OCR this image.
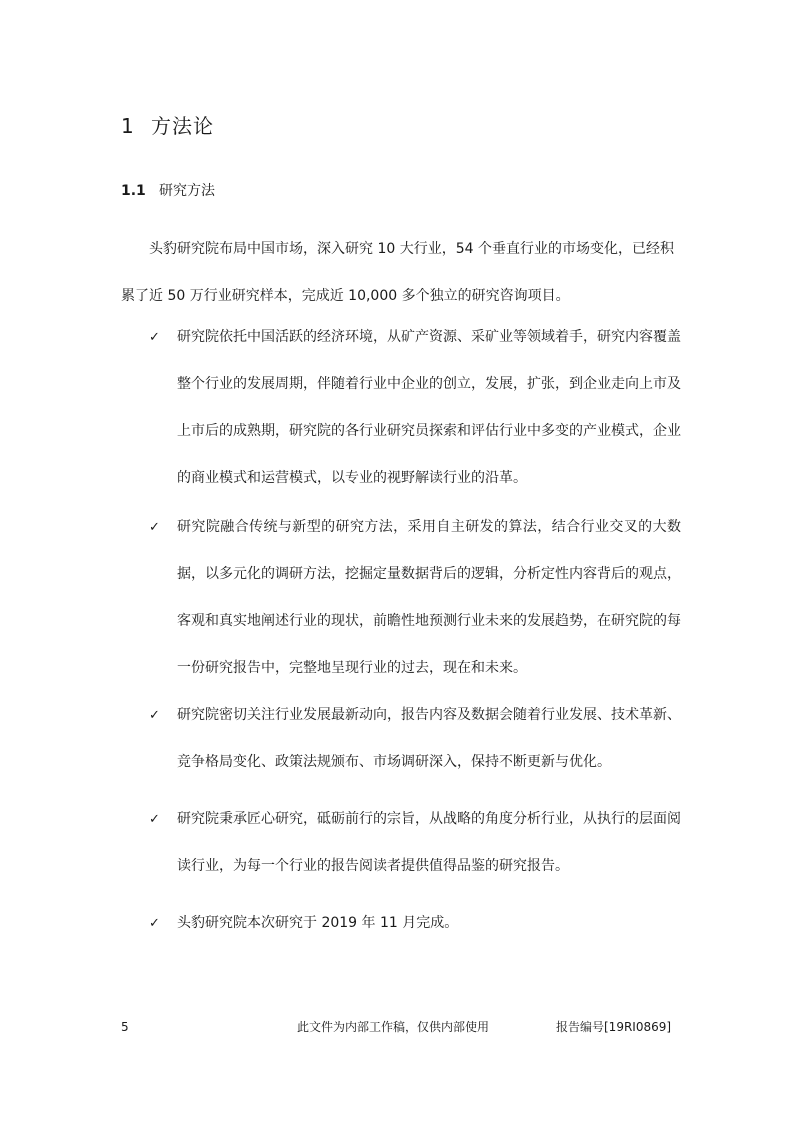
1 方法论
1.1 研究方法
头豹研究院布局中国市场，深入研究 10 大行业，54 个垂直行业的市场变化，已经积
累了近 50 万行业研究样本，完成近 10,000 多个独立的研究咨询项目。
✓	研究院依托中国活跃的经济环境，从矿产资源、采矿业等领域着手，研究内容覆盖整个行业的发展周期，伴随着行业中企业的创立，发展，扩张，到企业走向上市及上市后的成熟期，研究院的各行业研究员探索和评估行业中多变的产业模式，企业的商业模式和运营模式，以专业的视野解读行业的沿革。
✓	研究院融合传统与新型的研究方法，采用自主研发的算法，结合行业交叉的大数据，以多元化的调研方法，挖掘定量数据背后的逻辑，分析定性内容背后的观点，客观和真实地阐述行业的现状，前瞻性地预测行业未来的发展趋势，在研究院的每一份研究报告中，完整地呈现行业的过去，现在和未来。
✓	研究院密切关注行业发展最新动向，报告内容及数据会随着行业发展、技术革新、竞争格局变化、政策法规颁布、市场调研深入，保持不断更新与优化。
✓	研究院秉承匠心研究，砥砺前行的宗旨，从战略的角度分析行业，从执行的层面阅读行业，为每一个行业的报告阅读者提供值得品鉴的研究报告。
✓	头豹研究院本次研究于 2019 年 11 月完成。
5	此文件为内部工作稿，仅供内部使用	报告编号[19RI0869]
